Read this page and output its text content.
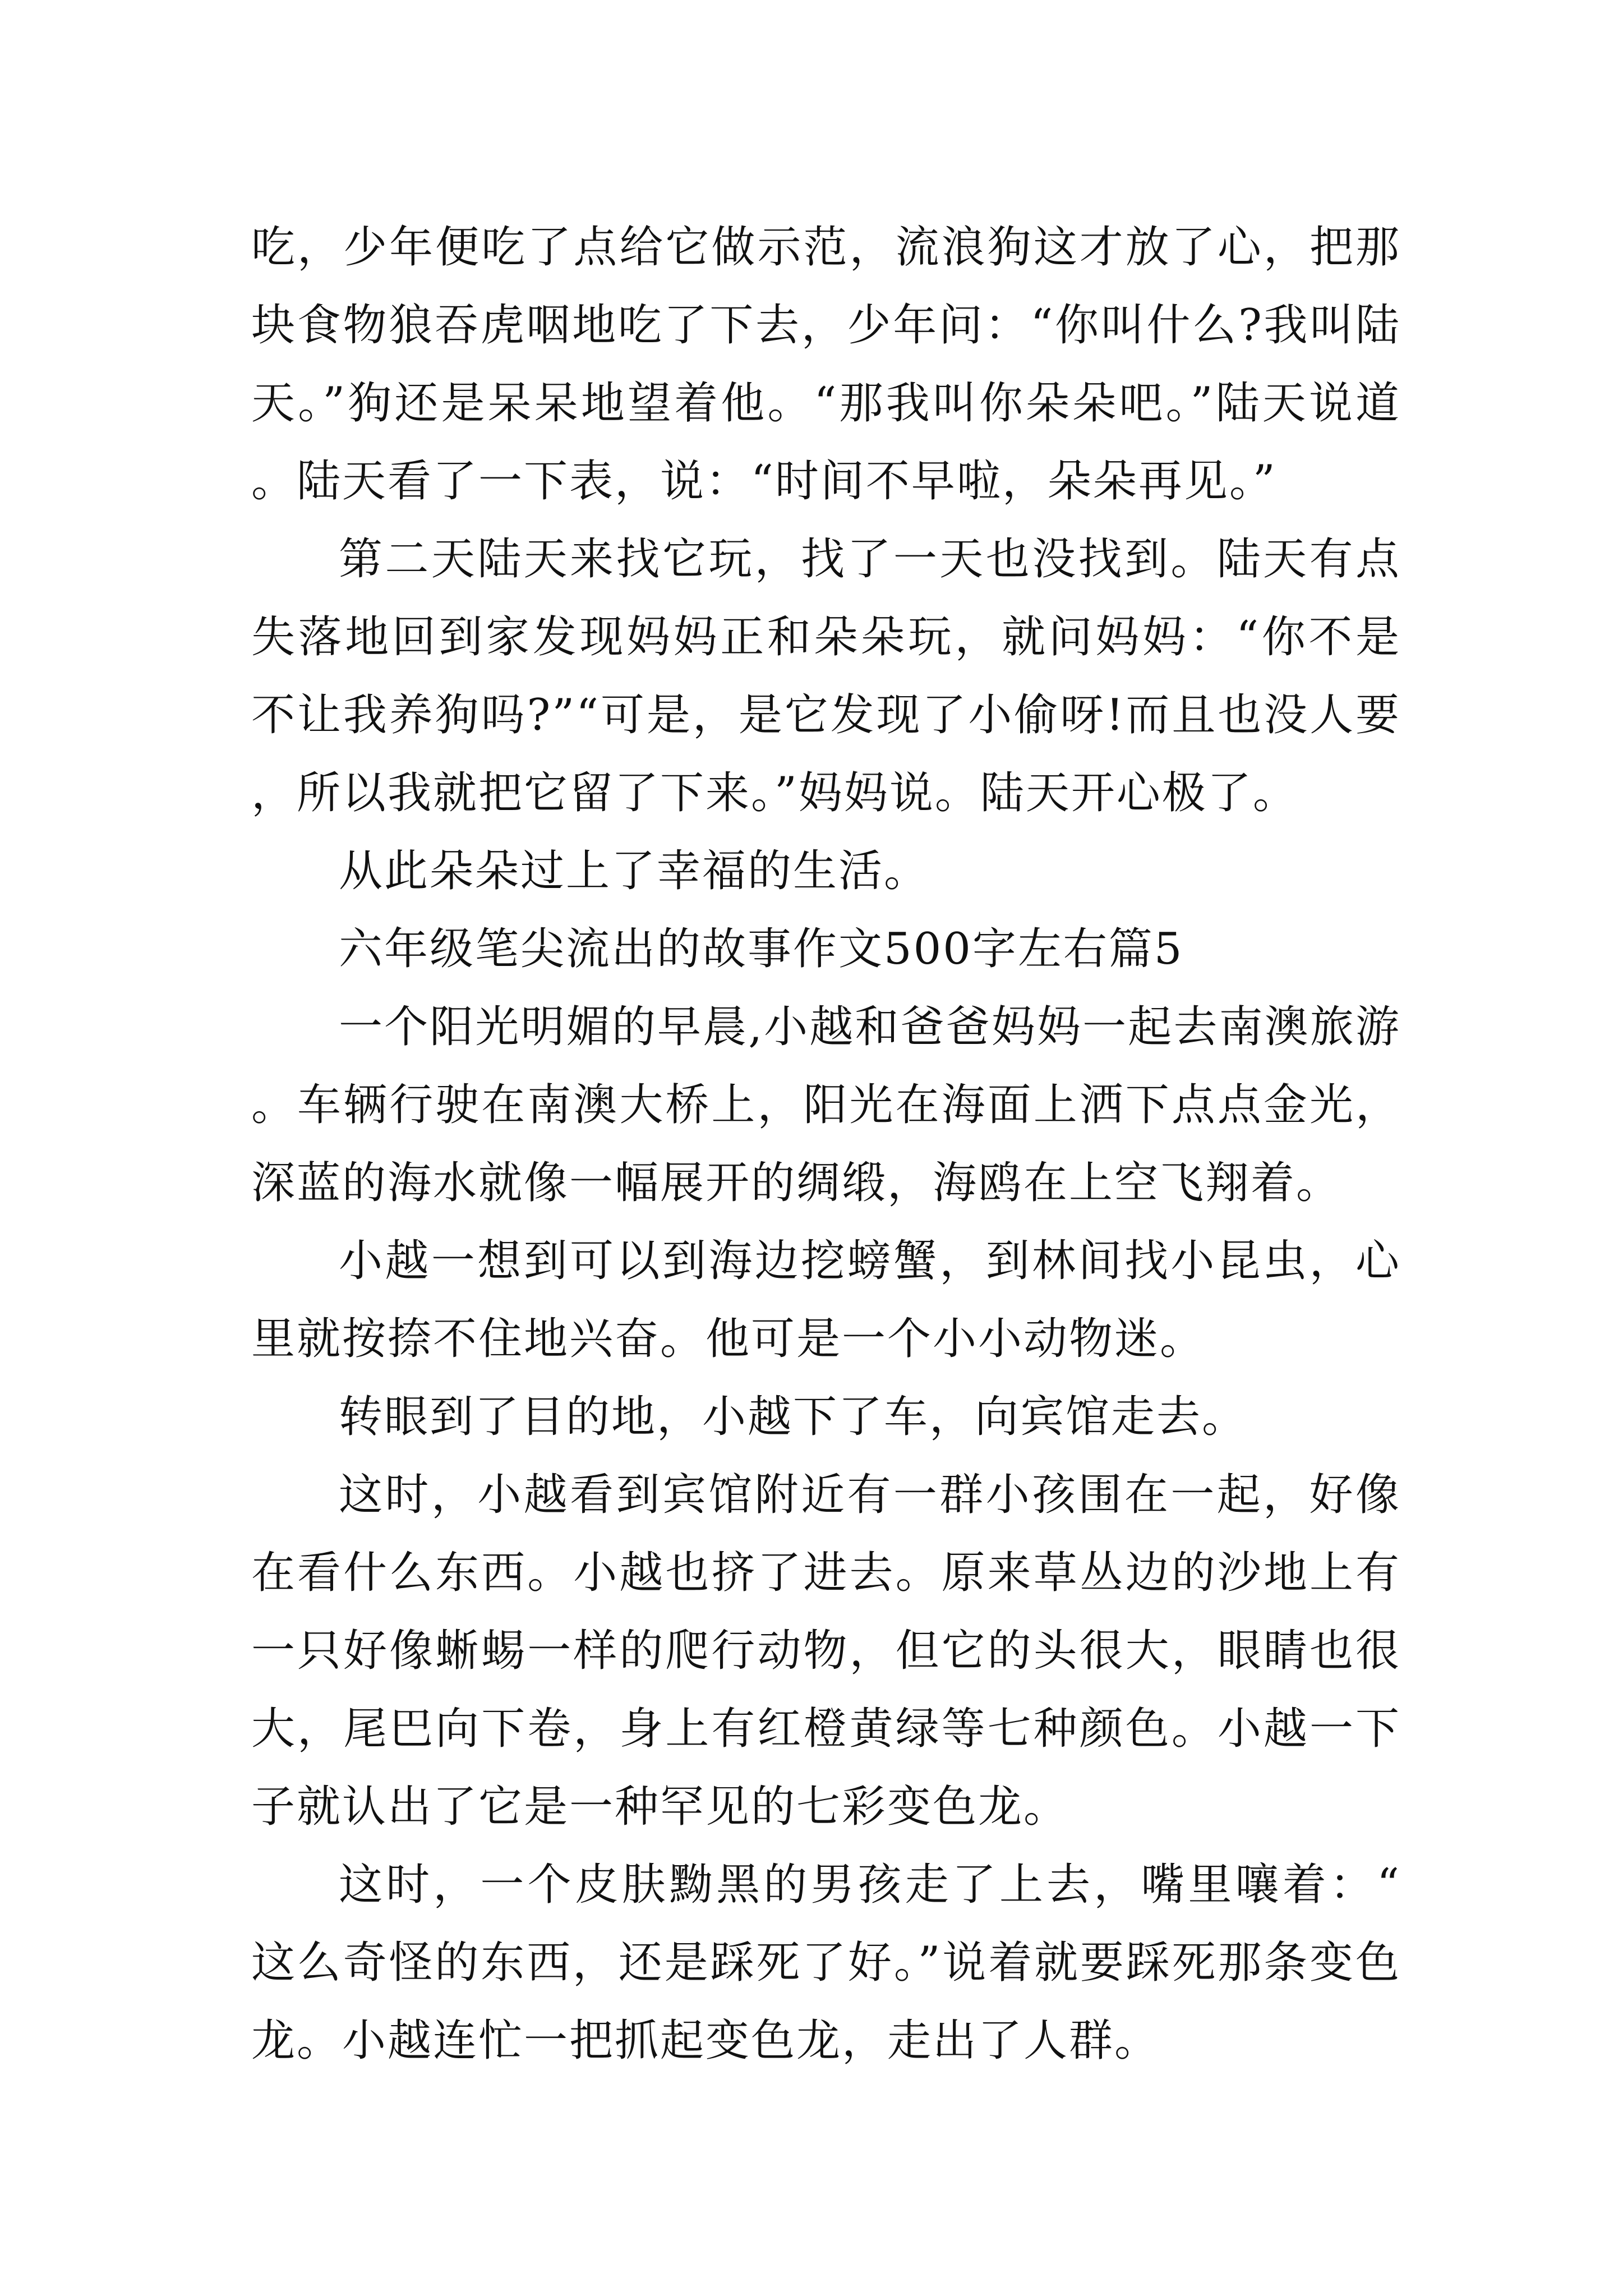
吃，少年便吃了点给它做示范，流浪狗这才放了心，把那块食物狼吞虎咽地吃了下去，少年问：“你叫什么?我叫陆天。”狗还是呆呆地望着他。“那我叫你朵朵吧。”陆天说道。陆天看了一下表，说：“时间不早啦，朵朵再见。”

第二天陆天来找它玩，找了一天也没找到。陆天有点失落地回到家发现妈妈正和朵朵玩，就问妈妈：“你不是不让我养狗吗?”“可是，是它发现了小偷呀!而且也没人要，所以我就把它留了下来。”妈妈说。陆天开心极了。

从此朵朵过上了幸福的生活。

六年级笔尖流出的故事作文500字左右篇5

一个阳光明媚的早晨,小越和爸爸妈妈一起去南澳旅游。车辆行驶在南澳大桥上，阳光在海面上洒下点点金光，深蓝的海水就像一幅展开的绸缎，海鸥在上空飞翔着。

小越一想到可以到海边挖螃蟹，到林间找小昆虫，心里就按捺不住地兴奋。他可是一个小小动物迷。

转眼到了目的地，小越下了车，向宾馆走去。

这时，小越看到宾馆附近有一群小孩围在一起，好像在看什么东西。小越也挤了进去。原来草丛边的沙地上有一只好像蜥蜴一样的爬行动物，但它的头很大，眼睛也很大，尾巴向下卷，身上有红橙黄绿等七种颜色。小越一下子就认出了它是一种罕见的七彩变色龙。

这时，一个皮肤黝黑的男孩走了上去，嘴里嚷着：“这么奇怪的东西，还是踩死了好。”说着就要踩死那条变色龙。小越连忙一把抓起变色龙，走出了人群。
